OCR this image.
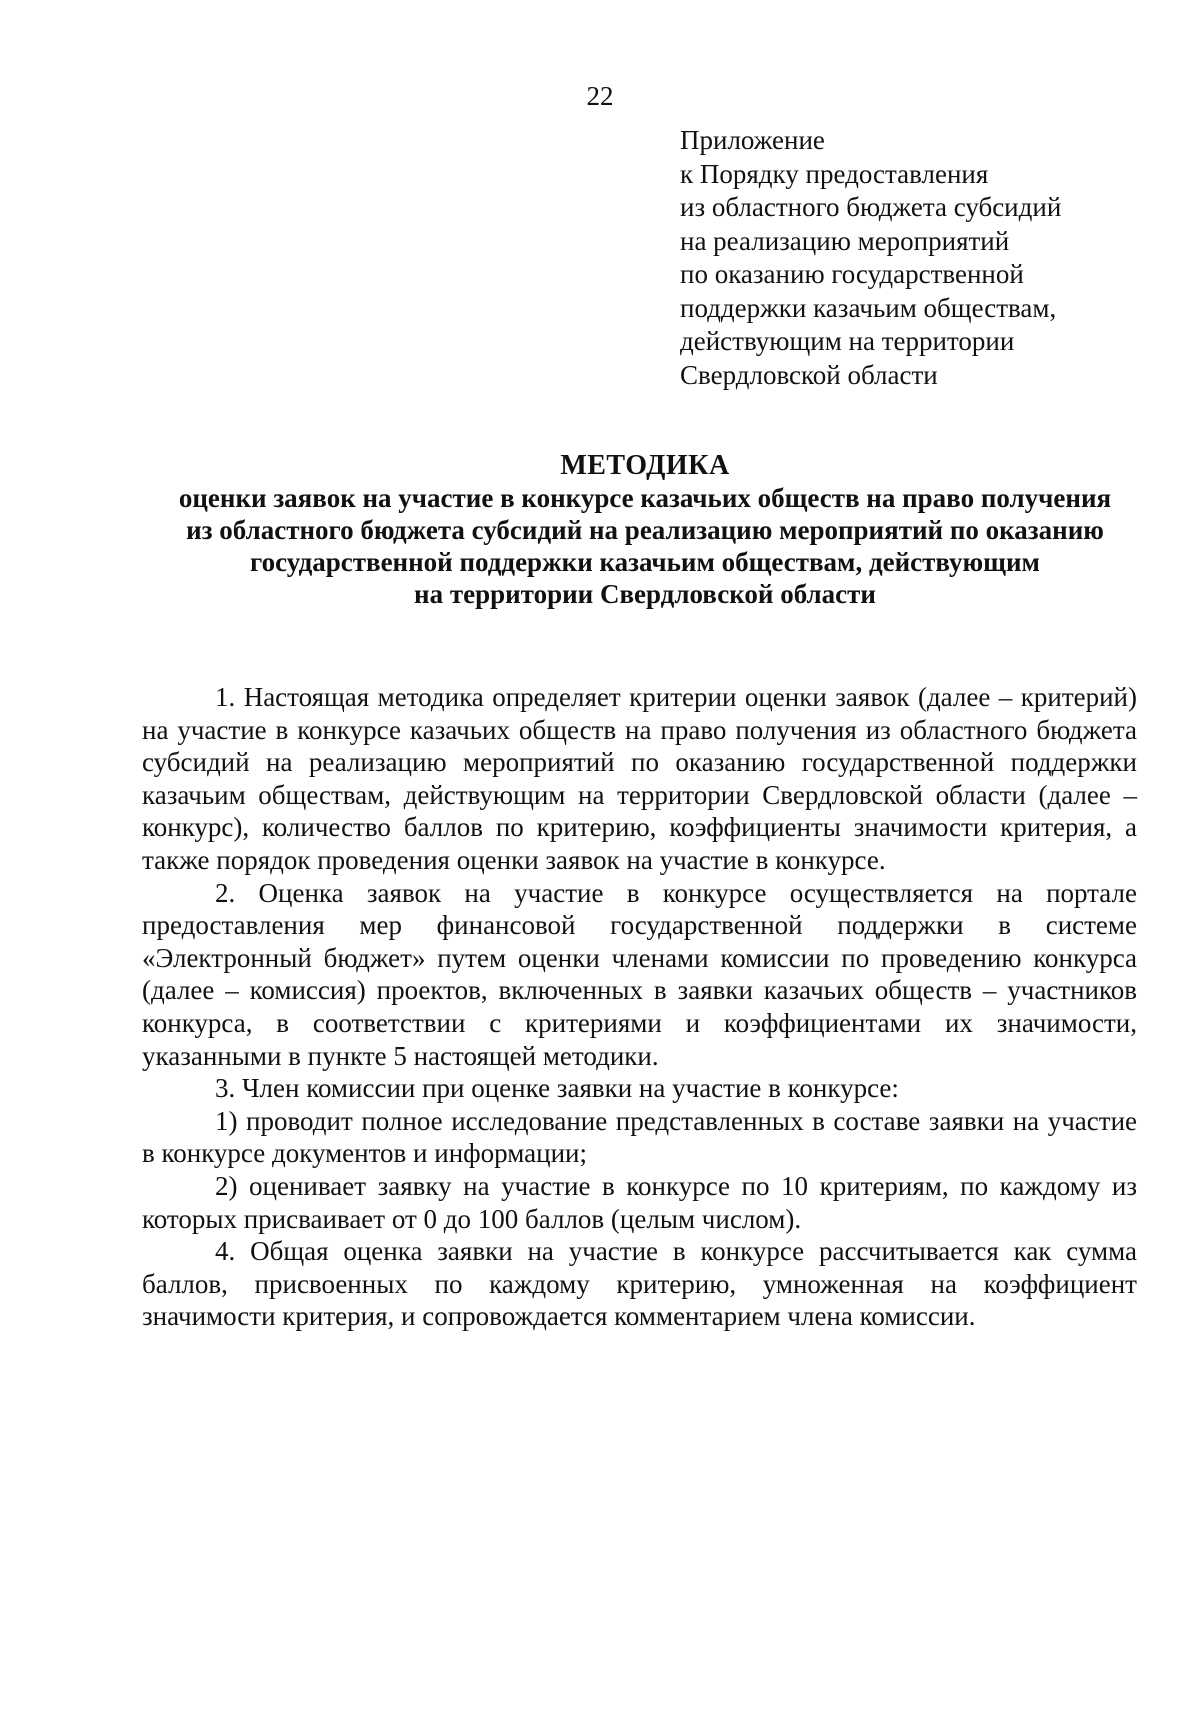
22
Приложение
к Порядку предоставления
из областного бюджета субсидий
на реализацию мероприятий
по оказанию государственной
поддержки казачьим обществам,
действующим на территории
Свердловской области
МЕТОДИКА
оценки заявок на участие в конкурсе казачьих обществ на право получения
из областного бюджета субсидий на реализацию мероприятий по оказанию
государственной поддержки казачьим обществам, действующим
на территории Свердловской области

1. Настоящая методика определяет критерии оценки заявок (далее – критерий) на участие в конкурсе казачьих обществ на право получения из областного бюджета субсидий на реализацию мероприятий по оказанию государственной поддержки казачьим обществам, действующим на территории Свердловской области (далее – конкурс), количество баллов по критерию, коэффициенты значимости критерия, а также порядок проведения оценки заявок на участие в конкурсе.

2. Оценка заявок на участие в конкурсе осуществляется на портале предоставления мер финансовой государственной поддержки в системе «Электронный бюджет» путем оценки членами комиссии по проведению конкурса (далее – комиссия) проектов, включенных в заявки казачьих обществ – участников конкурса, в соответствии с критериями и коэффициентами их значимости, указанными в пункте 5 настоящей методики.

3. Член комиссии при оценке заявки на участие в конкурсе:

1) проводит полное исследование представленных в составе заявки на участие в конкурсе документов и информации;

2) оценивает заявку на участие в конкурсе по 10 критериям, по каждому из которых присваивает от 0 до 100 баллов (целым числом).

4. Общая оценка заявки на участие в конкурсе рассчитывается как сумма баллов, присвоенных по каждому критерию, умноженная на коэффициент значимости критерия, и сопровождается комментарием члена комиссии.
